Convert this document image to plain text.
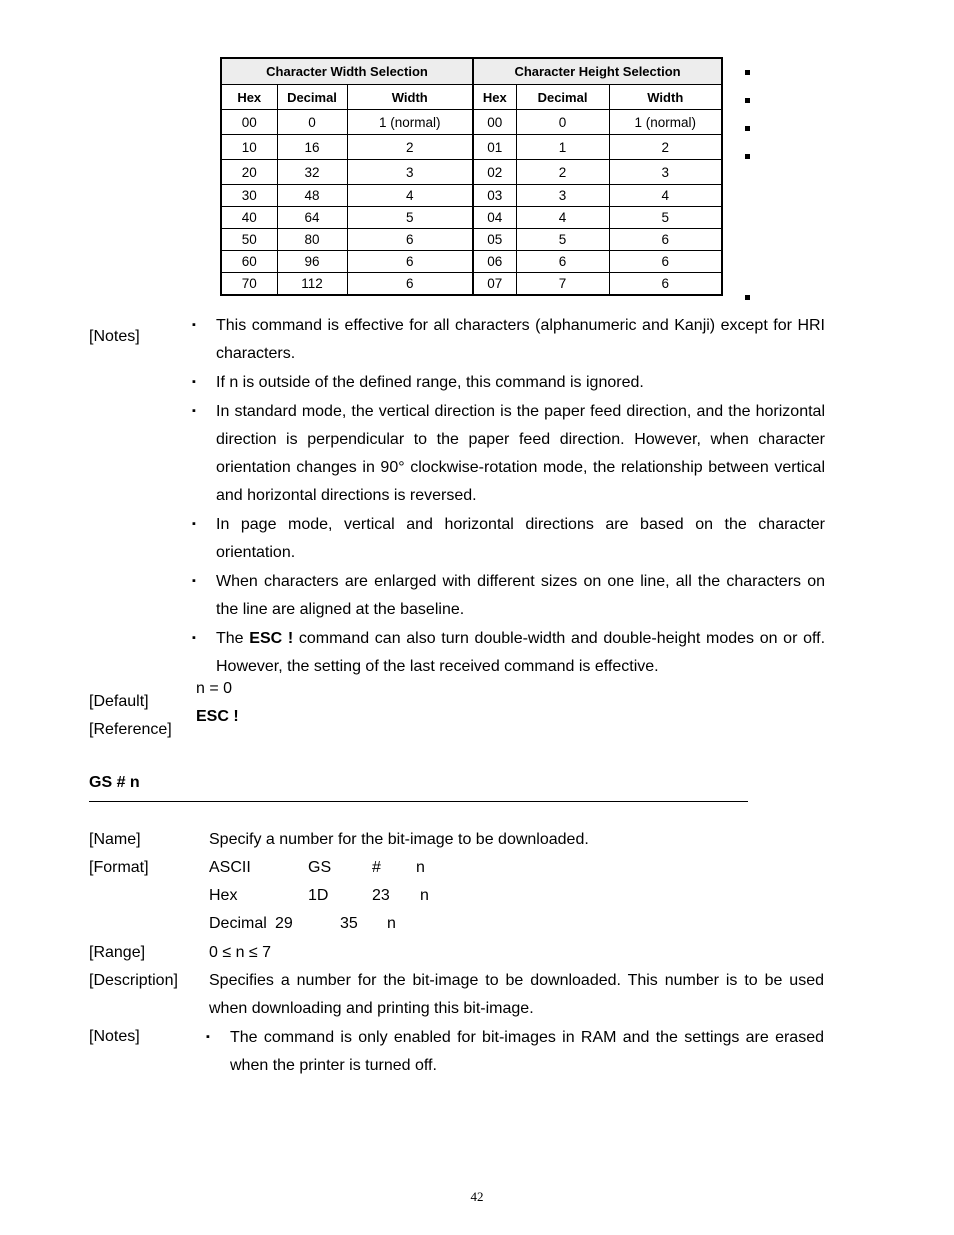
Character Width Selection			Character Height Selection		
Hex	Decimal	Width	Hex	Decimal	Width
00	0	1 (normal)	00	0	1 (normal)
10	16	2	01	1	2
20	32	3	02	2	3
30	48	4	03	3	4
40	64	5	04	4	5
50	80	6	05	5	6
60	96	6	06	6	6
70	112	6	07	7	6
[Notes]
▪ This command is effective for all characters (alphanumeric and Kanji) except for HRI characters.
▪ If n is outside of the defined range, this command is ignored.
▪ In standard mode, the vertical direction is the paper feed direction, and the horizontal direction is perpendicular to the paper feed direction. However, when character orientation changes in 90° clockwise-rotation mode, the relationship between vertical and horizontal directions is reversed.
▪ In page mode, vertical and horizontal directions are based on the character orientation.
▪ When characters are enlarged with different sizes on one line, all the characters on the line are aligned at the baseline.
▪ The ESC ! command can also turn double-width and double-height modes on or off. However, the setting of the last received command is effective.
n = 0
[Default]
ESC !
[Reference]
GS # n
[Name]	Specify a number for the bit-image to be downloaded.
[Format]	ASCII	GS	# n
Hex	1D	23 n
Decimal 29	35 n
[Range]	0 ≤ n ≤ 7
[Description] Specifies a number for the bit-image to be downloaded. This number is to be used when downloading and printing this bit-image.
[Notes]	▪ The command is only enabled for bit-images in RAM and the settings are erased when the printer is turned off.
42
